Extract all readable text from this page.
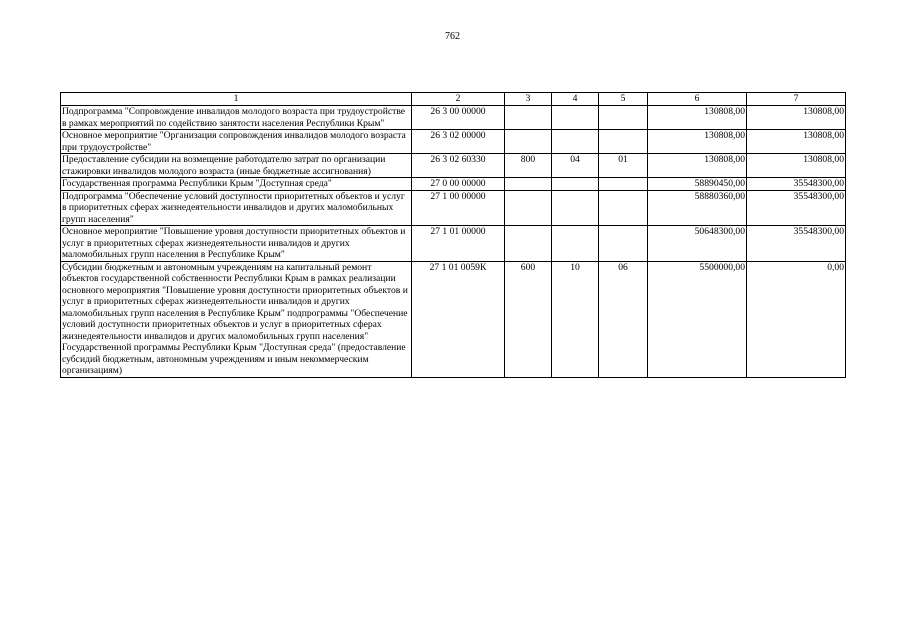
762
1	2	3	4	5	6	7
Подпрограмма "Сопровождение инвалидов молодого возраста при трудоустройстве в рамках мероприятий по содействию занятости населения Республики Крым"	26 3 00 00000				130808,00	130808,00
Основное мероприятие "Организация сопровождения инвалидов молодого возраста при трудоустройстве"	26 3 02 00000				130808,00	130808,00
Предоставление субсидии на возмещение работодателю затрат по организации стажировки инвалидов молодого возраста (иные бюджетные ассигнования)	26 3 02 60330	800	04	01	130808,00	130808,00
Государственная программа Республики Крым "Доступная среда"	27 0 00 00000				58890450,00	35548300,00
Подпрограмма "Обеспечение условий доступности приоритетных объектов и услуг в приоритетных сферах жизнедеятельности инвалидов и других маломобильных групп населения"	27 1 00 00000				58880360,00	35548300,00
Основное мероприятие "Повышение уровня доступности приоритетных объектов и услуг в приоритетных сферах жизнедеятельности инвалидов и других маломобильных групп населения в Республике Крым"	27 1 01 00000				50648300,00	35548300,00
Субсидии бюджетным и автономным учреждениям на капитальный ремонт объектов государственной собственности Республики Крым в рамках реализации основного мероприятия "Повышение уровня доступности приоритетных объектов и услуг в приоритетных сферах жизнедеятельности инвалидов и других маломобильных групп населения в Республике Крым" подпрограммы "Обеспечение условий доступности приоритетных объектов и услуг в приоритетных сферах жизнедеятельности инвалидов и других маломобильных групп населения" Государственной программы Республики Крым "Доступная среда" (предоставление субсидий бюджетным, автономным учреждениям и иным некоммерческим организациям)	27 1 01 0059К	600	10	06	5500000,00	0,00
